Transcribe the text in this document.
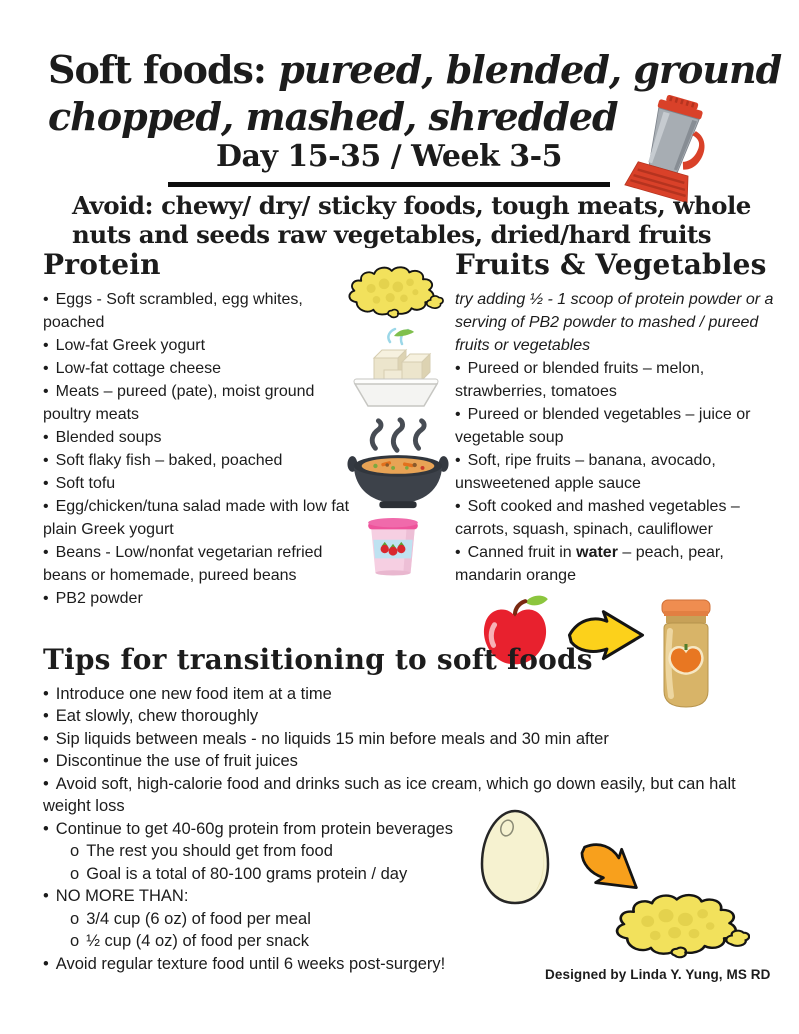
Soft foods: pureed, blended, ground
chopped, mashed, shredded
Day 15-35 / Week 3-5
Avoid: chewy/ dry/ sticky foods, tough meats, whole nuts and seeds raw vegetables, dried/hard fruits
Protein
• Eggs - Soft scrambled, egg whites, poached
• Low-fat Greek yogurt
• Low-fat cottage cheese
• Meats – pureed (pate), moist ground poultry meats
• Blended soups
• Soft flaky fish – baked, poached
• Soft tofu
• Egg/chicken/tuna salad made with low fat plain Greek yogurt
• Beans - Low/nonfat vegetarian refried beans or homemade, pureed beans
• PB2 powder
Fruits & Vegetables
try adding ½ - 1 scoop of protein powder or a serving of PB2 powder to mashed / pureed fruits or vegetables
• Pureed or blended fruits – melon, strawberries, tomatoes
• Pureed or blended vegetables – juice or vegetable soup
• Soft, ripe fruits – banana, avocado, unsweetened apple sauce
• Soft cooked and mashed vegetables – carrots, squash, spinach, cauliflower
• Canned fruit in water – peach, pear, mandarin orange
Tips for transitioning to soft foods
• Introduce one new food item at a time
• Eat slowly, chew thoroughly
• Sip liquids between meals - no liquids 15 min before meals and 30 min after
• Discontinue the use of fruit juices
• Avoid soft, high-calorie food and drinks such as ice cream, which go down easily, but can halt weight loss
• Continue to get 40-60g protein from protein beverages
o The rest you should get from food
o Goal is a total of 80-100 grams protein / day
• NO MORE THAN:
o 3/4 cup (6 oz) of food per meal
o ½ cup (4 oz) of food per snack
• Avoid regular texture food until 6 weeks post-surgery!
Designed by Linda Y. Yung, MS RD
